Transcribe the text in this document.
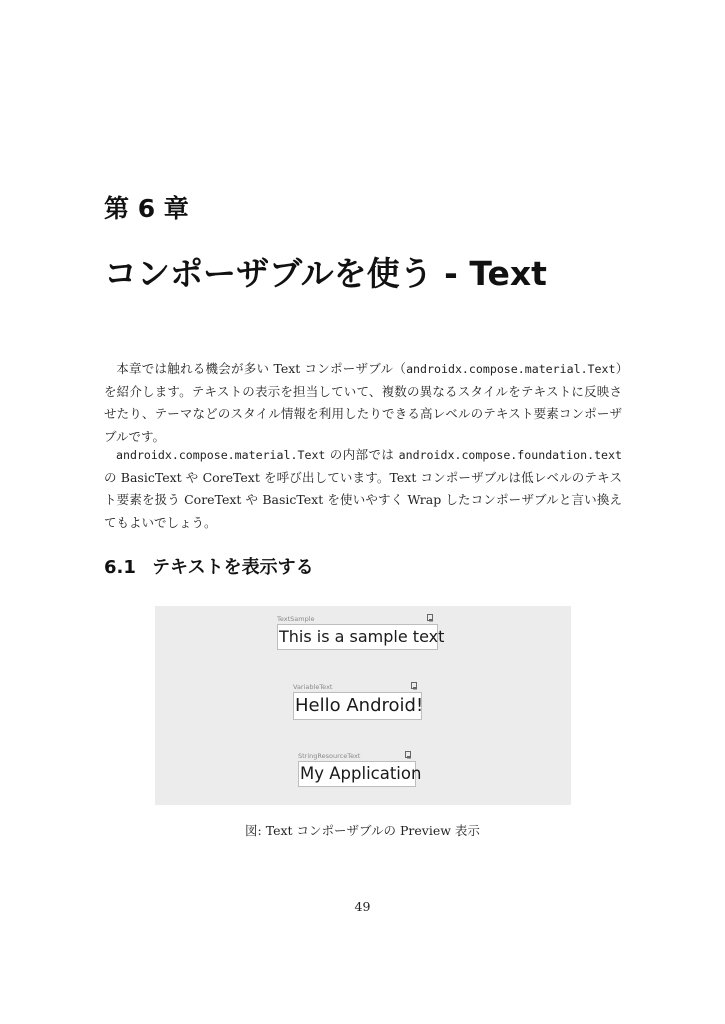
第 6 章
コンポーザブルを使う - Text
本章では触れる機会が多い Text コンポーザブル（androidx.compose.material.Text）を紹介します。テキストの表示を担当していて、複数の異なるスタイルをテキストに反映させたり、テーマなどのスタイル情報を利用したりできる高レベルのテキスト要素コンポーザブルです。
androidx.compose.material.Text の内部では androidx.compose.foundation.text の BasicText や CoreText を呼び出しています。Text コンポーザブルは低レベルのテキスト要素を扱う CoreText や BasicText を使いやすく Wrap したコンポーザブルと言い換えてもよいでしょう。
6.1 テキストを表示する
TextSample
This is a sample text
VariableText
Hello Android!
StringResourceText
My Application
図: Text コンポーザブルの Preview 表示
49
